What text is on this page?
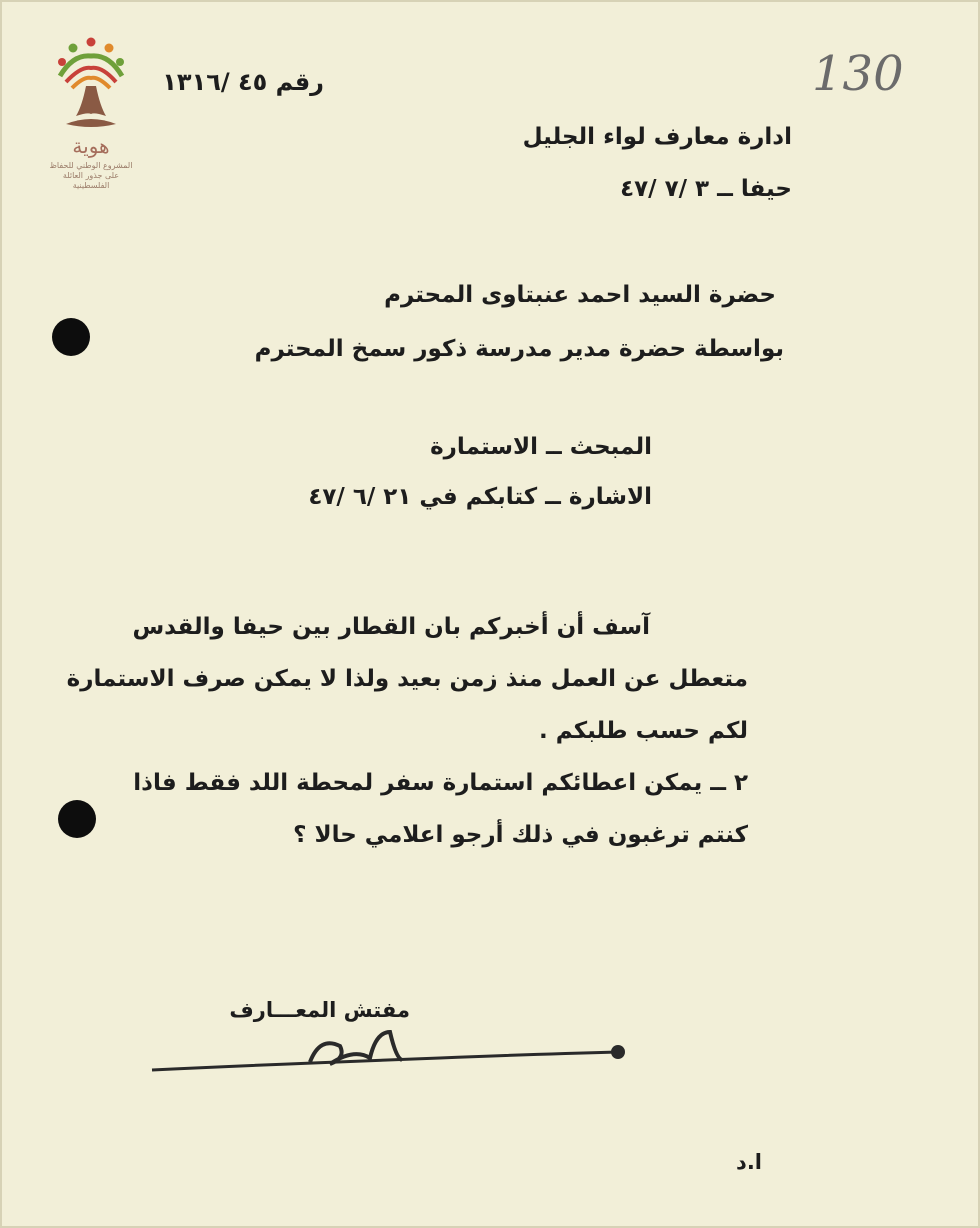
هوية
المشروع الوطني للحفاظ على جذور العائلة الفلسطينية
رقم ٤٥ /١٣١٦	130
ادارة معارف لواء الجليل
حيفا ــ ٣ /٧ /٤٧
حضرة السيد احمد عنبتاوى المحترم
بواسطة حضرة مدير مدرسة ذكور سمخ المحترم
المبحث ــ الاستمارة
الاشارة ــ كتابكم في ٢١ /٦ /٤٧
آسف أن أخبركم بان القطار بين حيفا والقدس
متعطل عن العمل منذ زمن بعيد ولذا لا يمكن صرف الاستمارة
لكم حسب طلبكم .
٢ ــ يمكن اعطائكم استمارة سفر لمحطة اللد فقط فاذا
كنتم ترغبون في ذلك أرجو اعلامي حالا ؟
مفتش المعـــارف
ا.د
